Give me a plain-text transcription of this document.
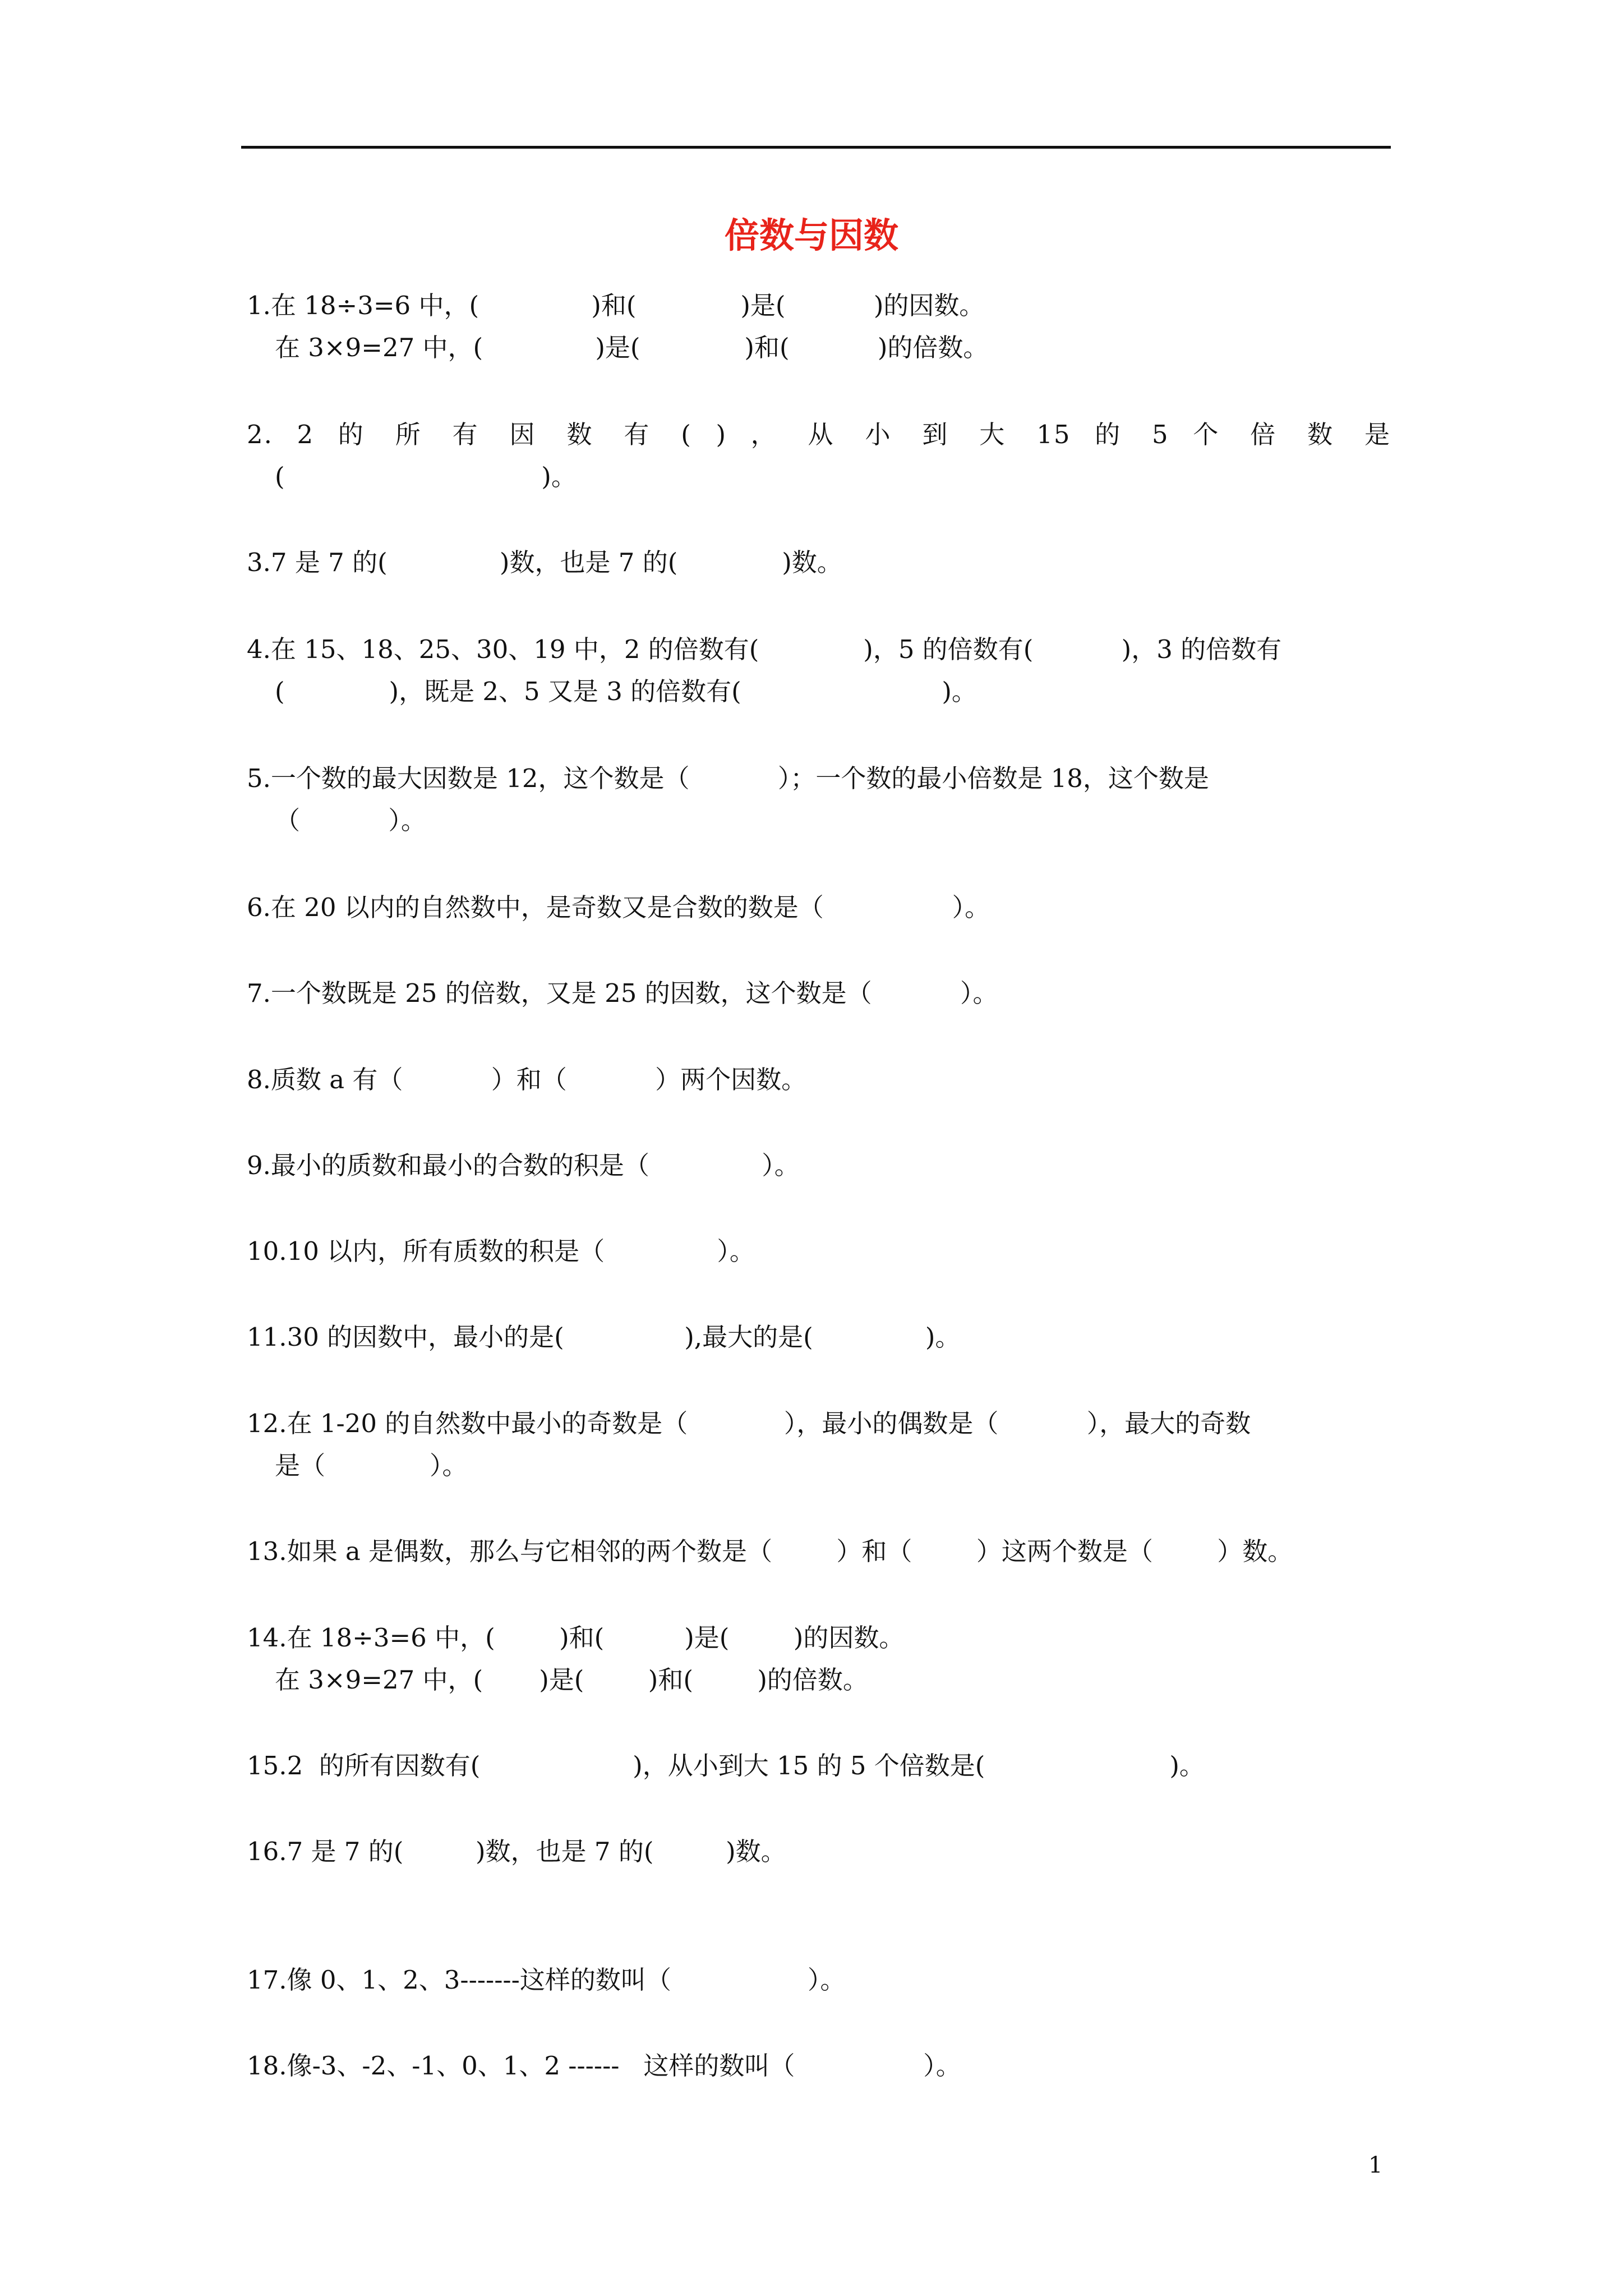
倍数与因数

1.在 18÷3=6 中，(              )和(             )是(           )的因数。

在 3×9=27 中，(              )是(             )和(           )的倍数。

2. 2 的 所 有 因 数 有 ( ) ， 从 小 到 大 15 的 5 个 倍 数 是

(                                )。

3.7 是 7 的(              )数，也是 7 的(             )数。

4.在 15、18、25、30、19 中，2 的倍数有(             )，5 的倍数有(           )，3 的倍数有

(             )，既是 2、5 又是 3 的倍数有(                         )。

5.一个数的最大因数是 12，这个数是（           ）；一个数的最小倍数是 18，这个数是

（           ）。

6.在 20 以内的自然数中，是奇数又是合数的数是（                ）。

7.一个数既是 25 的倍数，又是 25 的因数，这个数是（           ）。

8.质数 a 有（           ）和（           ）两个因数。

9.最小的质数和最小的合数的积是（              ）。

10.10 以内，所有质数的积是（              ）。

11.30 的因数中，最小的是(               ),最大的是(              )。

12.在 1-20 的自然数中最小的奇数是（            ），最小的偶数是（           ），最大的奇数

是（             ）。

13.如果 a 是偶数，那么与它相邻的两个数是（        ）和（        ）这两个数是（        ）数。

14.在 18÷3=6 中，(        )和(          )是(        )的因数。

在 3×9=27 中，(       )是(        )和(        )的倍数。

15.2  的所有因数有(                   )，从小到大 15 的 5 个倍数是(                       )。

16.7 是 7 的(         )数，也是 7 的(         )数。

17.像 0、1、2、3-------这样的数叫（                 ）。

18.像-3、-2、-1、0、1、2 ------   这样的数叫（                ）。

1
